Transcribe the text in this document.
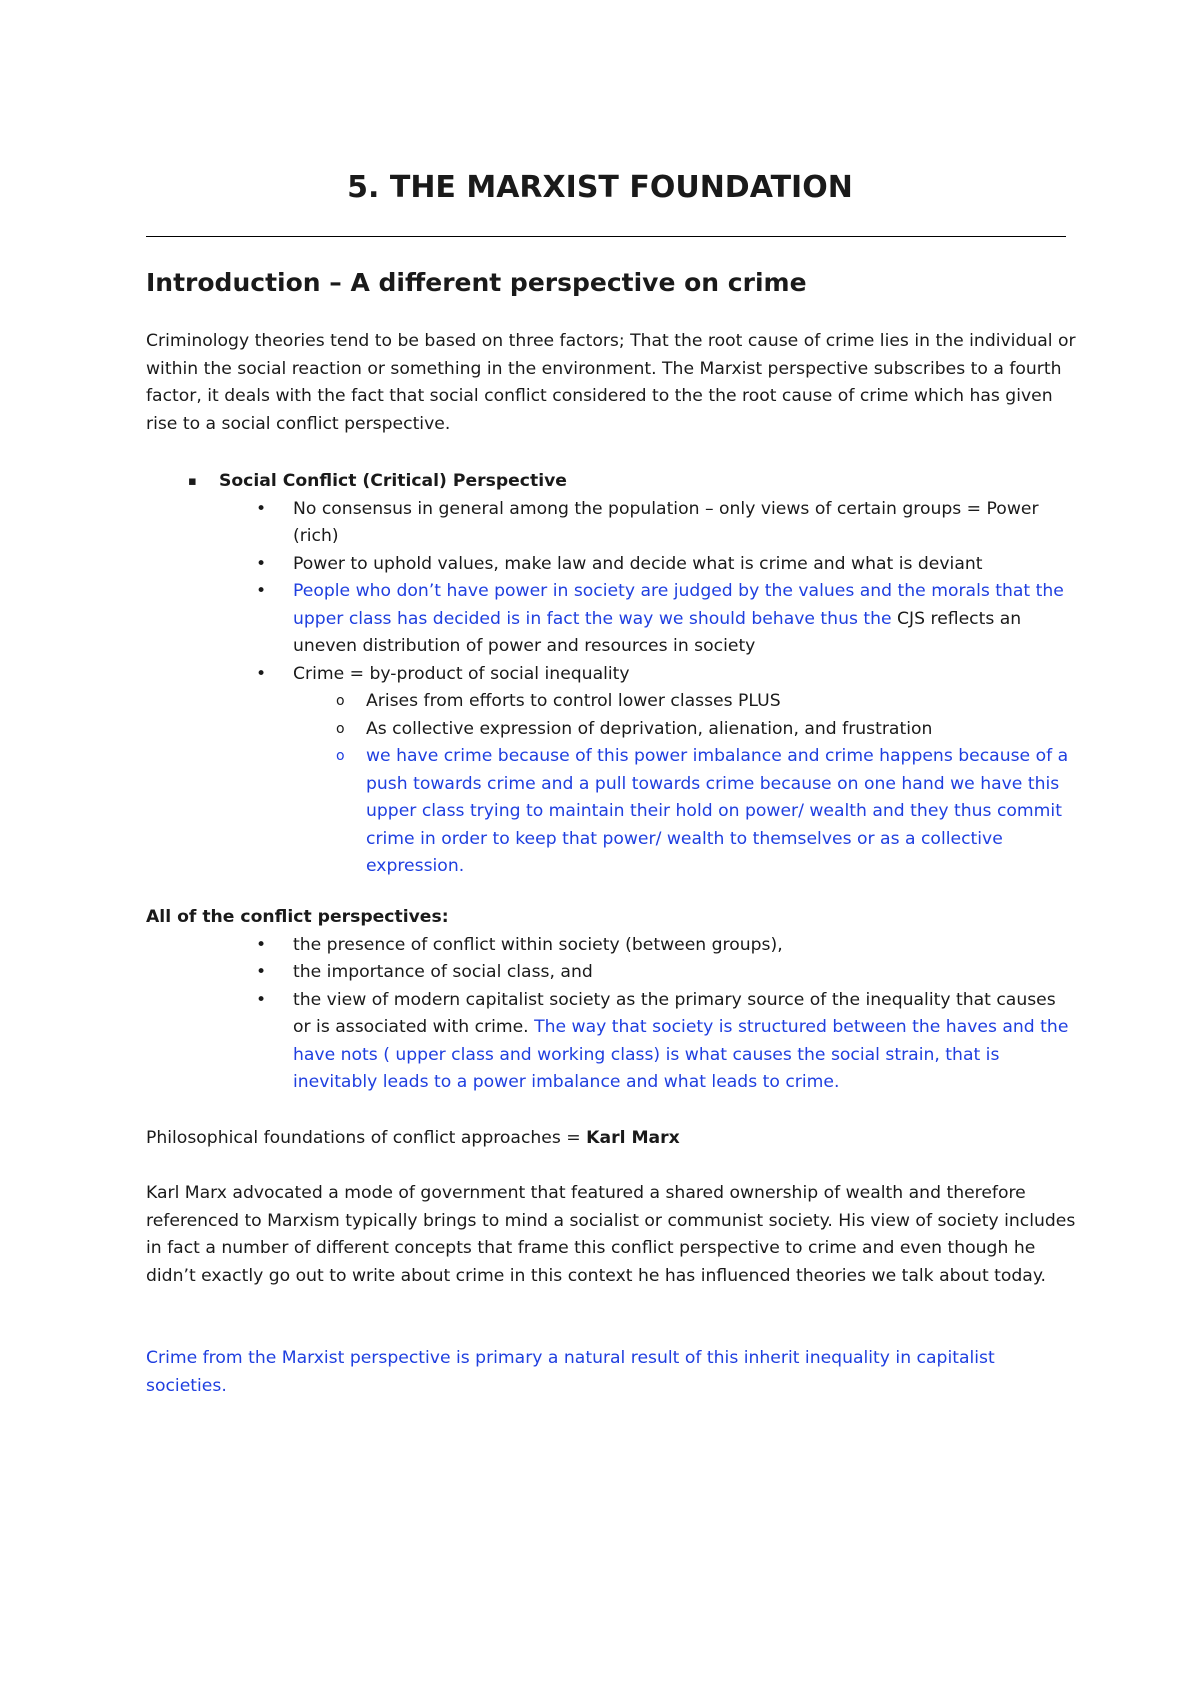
5. THE MARXIST FOUNDATION
Introduction – A different perspective on crime

Criminology theories tend to be based on three factors; That the root cause of crime lies in the individual or within the social reaction or something in the environment. The Marxist perspective subscribes to a fourth factor, it deals with the fact that social conflict considered to the the root cause of crime which has given rise to a social conflict perspective.

▪ Social Conflict (Critical) Perspective
• No consensus in general among the population – only views of certain groups = Power (rich)
• Power to uphold values, make law and decide what is crime and what is deviant
• People who don’t have power in society are judged by the values and the morals that the upper class has decided is in fact the way we should behave thus the CJS reflects an uneven distribution of power and resources in society
• Crime = by-product of social inequality
o Arises from efforts to control lower classes PLUS
o As collective expression of deprivation, alienation, and frustration
o we have crime because of this power imbalance and crime happens because of a push towards crime and a pull towards crime because on one hand we have this upper class trying to maintain their hold on power/ wealth and they thus commit crime in order to keep that power/ wealth to themselves or as a collective expression.

All of the conflict perspectives:

• the presence of conflict within society (between groups),
• the importance of social class, and
• the view of modern capitalist society as the primary source of the inequality that causes or is associated with crime. The way that society is structured between the haves and the have nots ( upper class and working class) is what causes the social strain, that is inevitably leads to a power imbalance and what leads to crime.

Philosophical foundations of conflict approaches = Karl Marx

Karl Marx advocated a mode of government that featured a shared ownership of wealth and therefore referenced to Marxism typically brings to mind a socialist or communist society. His view of society includes in fact a number of different concepts that frame this conflict perspective to crime and even though he didn’t exactly go out to write about crime in this context he has influenced theories we talk about today.

Crime from the Marxist perspective is primary a natural result of this inherit inequality in capitalist societies.
